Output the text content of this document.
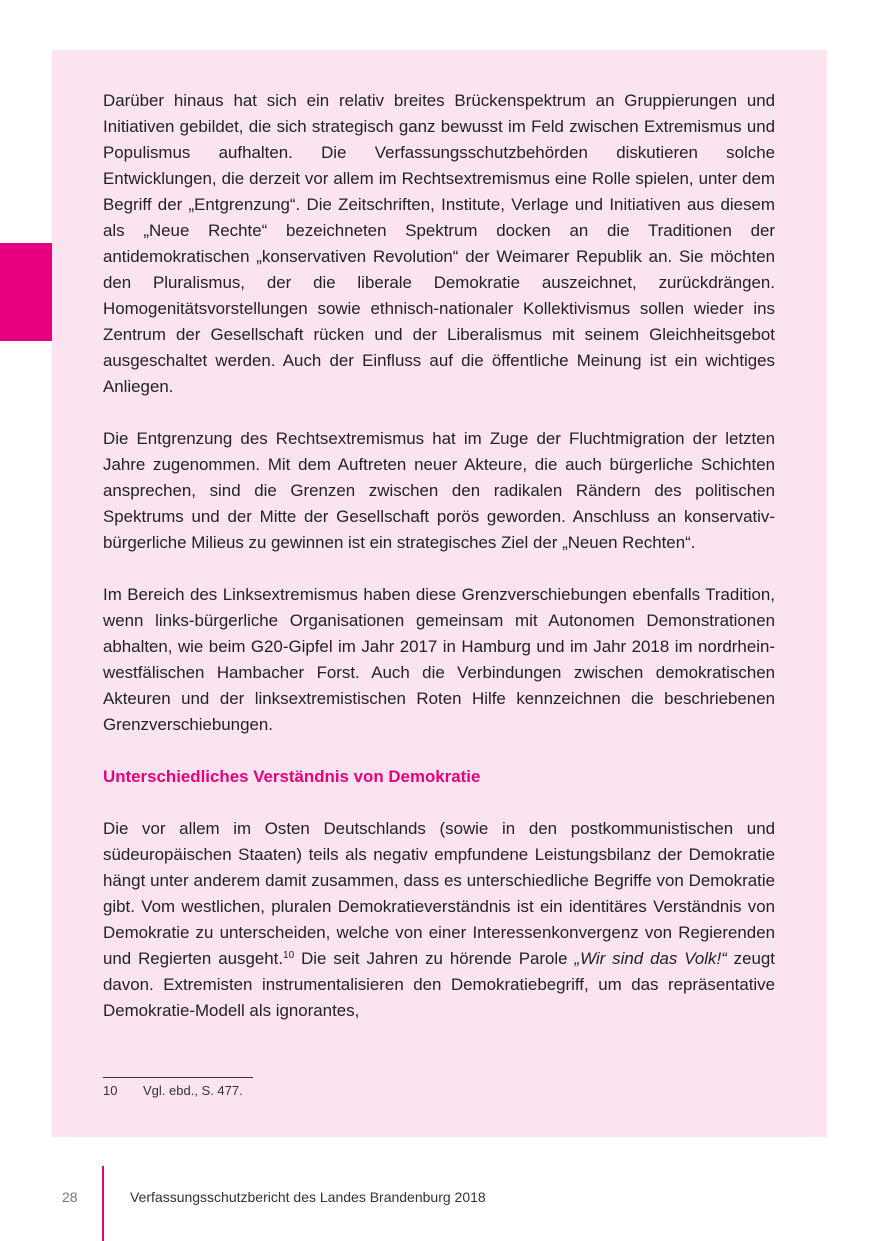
Darüber hinaus hat sich ein relativ breites Brückenspektrum an Gruppierungen und Initiativen gebildet, die sich strategisch ganz bewusst im Feld zwischen Extremismus und Populismus aufhalten. Die Verfassungsschutzbehörden diskutieren solche Entwicklungen, die derzeit vor allem im Rechtsextremismus eine Rolle spielen, unter dem Begriff der „Entgrenzung“. Die Zeitschriften, Institute, Verlage und Initiativen aus diesem als „Neue Rechte“ bezeichneten Spektrum docken an die Traditionen der antidemokratischen „konservativen Revolution“ der Weimarer Republik an. Sie möchten den Pluralismus, der die liberale Demokratie auszeichnet, zurückdrängen. Homogenitätsvorstellungen sowie ethnisch-nationaler Kollektivismus sollen wieder ins Zentrum der Gesellschaft rücken und der Liberalismus mit seinem Gleichheitsgebot ausgeschaltet werden. Auch der Einfluss auf die öffentliche Meinung ist ein wichtiges Anliegen.

Die Entgrenzung des Rechtsextremismus hat im Zuge der Fluchtmigration der letzten Jahre zugenommen. Mit dem Auftreten neuer Akteure, die auch bürgerliche Schichten ansprechen, sind die Grenzen zwischen den radikalen Rändern des politischen Spektrums und der Mitte der Gesellschaft porös geworden. Anschluss an konservativ-bürgerliche Milieus zu gewinnen ist ein strategisches Ziel der „Neuen Rechten“.

Im Bereich des Linksextremismus haben diese Grenzverschiebungen ebenfalls Tradition, wenn links-bürgerliche Organisationen gemeinsam mit Autonomen Demonstrationen abhalten, wie beim G20-Gipfel im Jahr 2017 in Hamburg und im Jahr 2018 im nordrhein-westfälischen Hambacher Forst. Auch die Verbindungen zwischen demokratischen Akteuren und der linksextremistischen Roten Hilfe kennzeichnen die beschriebenen Grenzverschiebungen.

Unterschiedliches Verständnis von Demokratie

Die vor allem im Osten Deutschlands (sowie in den postkommunistischen und südeuropäischen Staaten) teils als negativ empfundene Leistungsbilanz der Demokratie hängt unter anderem damit zusammen, dass es unterschiedliche Begriffe von Demokratie gibt. Vom westlichen, pluralen Demokratieverständnis ist ein identitäres Verständnis von Demokratie zu unterscheiden, welche von einer Interessenkonvergenz von Regierenden und Regierten ausgeht.$^{10}$ Die seit Jahren zu hörende Parole „Wir sind das Volk!“ zeugt davon. Extremisten instrumentalisieren den Demokratiebegriff, um das repräsentative Demokratie-Modell als ignorantes,

10 Vgl. ebd., S. 477.
28	Verfassungsschutzbericht des Landes Brandenburg 2018
